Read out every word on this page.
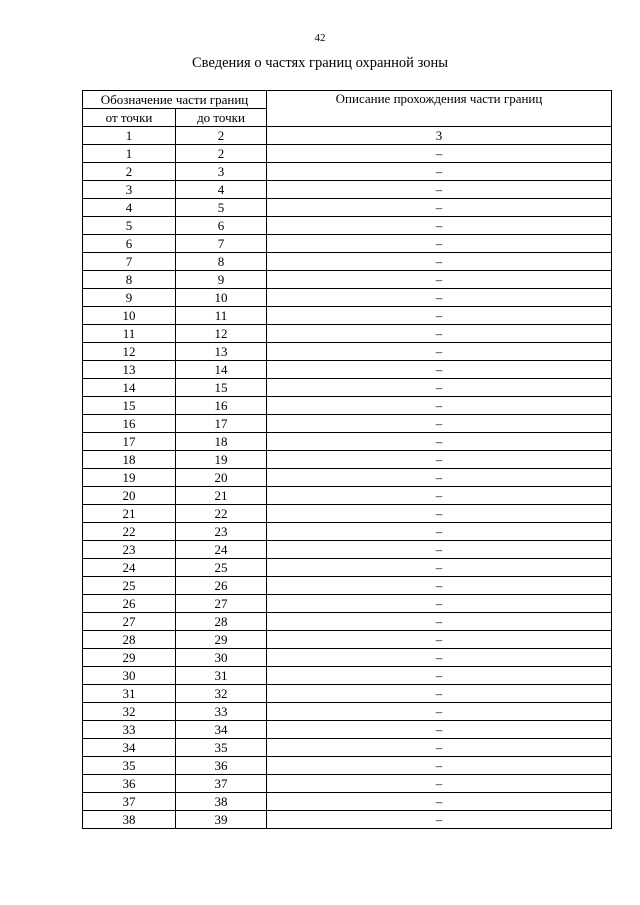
42
Сведения о частях границ охранной зоны
Обозначение части границ		Описание прохождения части границ
от точки	до точки	
1	2	3
1	2	–
2	3	–
3	4	–
4	5	–
5	6	–
6	7	–
7	8	–
8	9	–
9	10	–
10	11	–
11	12	–
12	13	–
13	14	–
14	15	–
15	16	–
16	17	–
17	18	–
18	19	–
19	20	–
20	21	–
21	22	–
22	23	–
23	24	–
24	25	–
25	26	–
26	27	–
27	28	–
28	29	–
29	30	–
30	31	–
31	32	–
32	33	–
33	34	–
34	35	–
35	36	–
36	37	–
37	38	–
38	39	–
